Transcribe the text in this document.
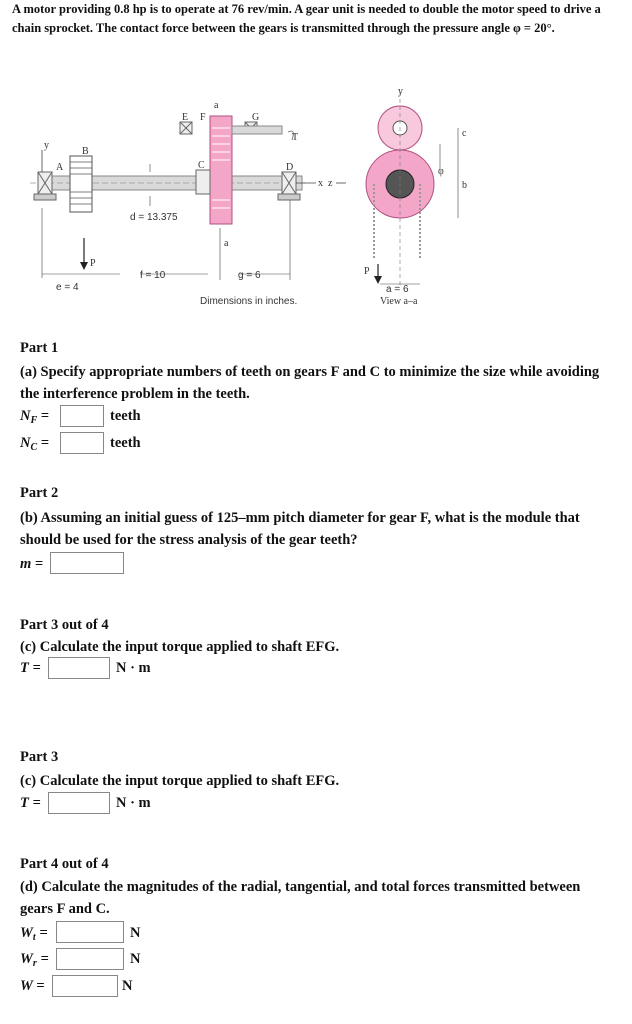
A motor providing 0.8 hp is to operate at 76 rev/min. A gear unit is needed to double the motor speed to drive a chain sprocket. The contact force between the gears is transmitted through the pressure angle φ = 20°.
y
A
B
C	D
E F	G
a
a
T
P
x z
d = 13.375
f = 10	g = 6
e = 4
Dimensions in inches.
y
c
b
φ
P
a = 6
View a–a
Part 1
(a) Specify appropriate numbers of teeth on gears F and C to minimize the size while avoiding the interference problem in the teeth.
$N_F$ =	teeth
$N_C$ =	teeth
Part 2
(b) Assuming an initial guess of 125–mm pitch diameter for gear F, what is the module that should be used for the stress analysis of the gear teeth?
m =
Part 3 out of 4
(c) Calculate the input torque applied to shaft EFG.
T =	N · m
Part 3
(c) Calculate the input torque applied to shaft EFG.
T =	N · m
Part 4 out of 4
(d) Calculate the magnitudes of the radial, tangential, and total forces transmitted between gears F and C.
$W_t$ =	N
$W_r$ =	N
W =	N
